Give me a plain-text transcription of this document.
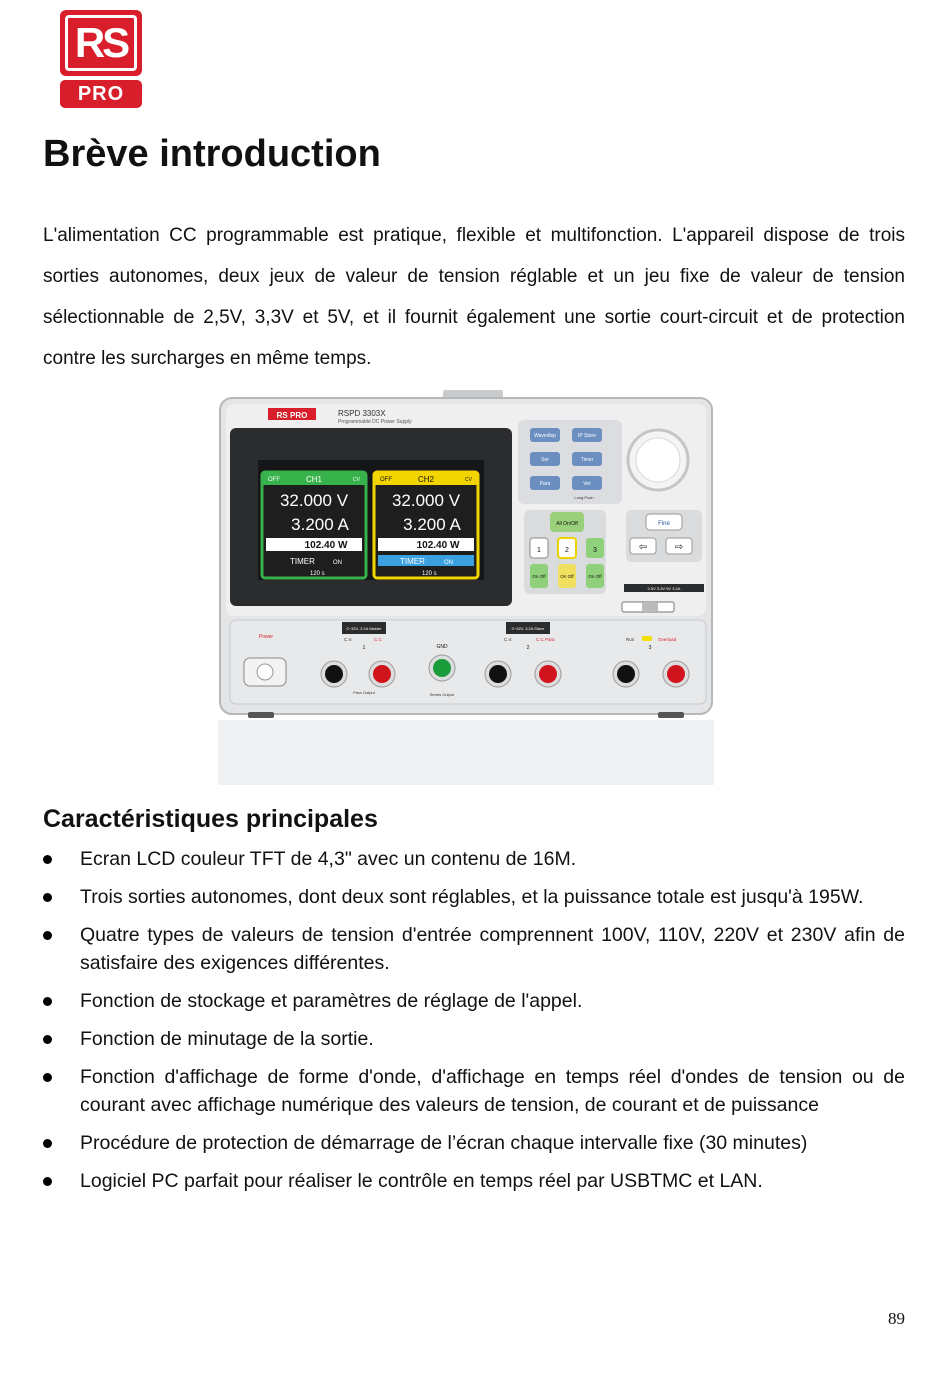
RS
PRO
Brève introduction

L'alimentation CC programmable est pratique, flexible et multifonction. L'appareil dispose de trois sorties autonomes, deux jeux de valeur de tension réglable et un jeu fixe de valeur de tension sélectionnable de 2,5V, 3,3V et 5V, et il fournit également une sortie court-circuit et de protection contre les surcharges en même temps.

RS PRO	RSPD 3303X
Programmable DC Power Supply
OFF	CH1	CV
32.000 V
3.200 A
102.40 W
TIMER	ON
120 s
OFF	CH2	CV
32.000 V
3.200 A
102.40 W
TIMER	ON
120 s
Wavedisp	IP Store
Ser	Timer
Para	Ver
Long Push
All On/Off
1	2	3
On Off	On Off	On Off
Fine
⇦	⇨
2.5V 3.3V 5V 3.2A
Power
0~32V, 3.2A Master	0~32V, 3.2A Slave
C.V.	C.C	C.V.	C.C Para	Run	Overload
GND
1	2	3
Para Output	Series Output
Caractéristiques principales
Ecran LCD couleur TFT de 4,3" avec un contenu de 16M.
Trois sorties autonomes, dont deux sont réglables, et la puissance totale est jusqu'à 195W.
Quatre types de valeurs de tension d'entrée comprennent 100V, 110V, 220V et 230V afin de satisfaire des exigences différentes.
Fonction de stockage et paramètres de réglage de l'appel.
Fonction de minutage de la sortie.
Fonction d'affichage de forme d'onde, d'affichage en temps réel d'ondes de tension ou de courant avec affichage numérique des valeurs de tension, de courant et de puissance
Procédure de protection de démarrage de l’écran chaque intervalle fixe (30 minutes)
Logiciel PC parfait pour réaliser le contrôle en temps réel par USBTMC et LAN.
89
